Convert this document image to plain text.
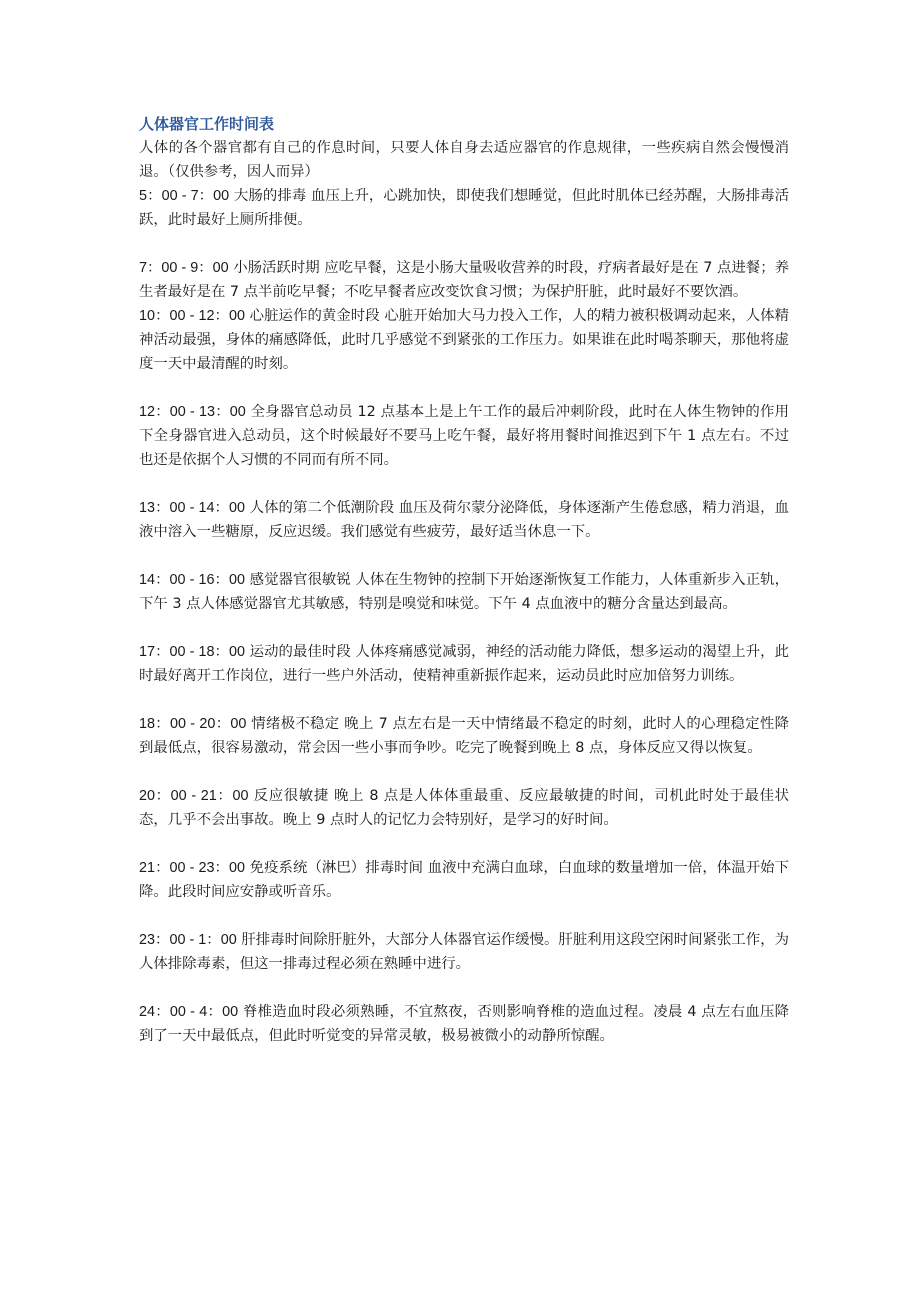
人体器官工作时间表

人体的各个器官都有自己的作息时间，只要人体自身去适应器官的作息规律，一些疾病自然会慢慢消退。（仅供参考，因人而异）

5：00 - 7：00 大肠的排毒 血压上升，心跳加快，即使我们想睡觉，但此时肌体已经苏醒，大肠排毒活跃，此时最好上厕所排便。

7：00 - 9：00 小肠活跃时期 应吃早餐，这是小肠大量吸收营养的时段，疗病者最好是在 7 点进餐；养生者最好是在 7 点半前吃早餐；不吃早餐者应改变饮食习惯；为保护肝脏，此时最好不要饮酒。

10：00 - 12：00 心脏运作的黄金时段 心脏开始加大马力投入工作，人的精力被积极调动起来，人体精神活动最强，身体的痛感降低，此时几乎感觉不到紧张的工作压力。如果谁在此时喝茶聊天，那他将虚度一天中最清醒的时刻。

12：00 - 13：00 全身器官总动员 12 点基本上是上午工作的最后冲刺阶段，此时在人体生物钟的作用下全身器官进入总动员，这个时候最好不要马上吃午餐，最好将用餐时间推迟到下午 1 点左右。不过也还是依据个人习惯的不同而有所不同。

13：00 - 14：00 人体的第二个低潮阶段 血压及荷尔蒙分泌降低，身体逐渐产生倦怠感，精力消退，血液中溶入一些糖原，反应迟缓。我们感觉有些疲劳，最好适当休息一下。

14：00 - 16：00 感觉器官很敏锐 人体在生物钟的控制下开始逐渐恢复工作能力，人体重新步入正轨，下午 3 点人体感觉器官尤其敏感，特别是嗅觉和味觉。下午 4 点血液中的糖分含量达到最高。

17：00 - 18：00 运动的最佳时段 人体疼痛感觉减弱，神经的活动能力降低，想多运动的渴望上升，此时最好离开工作岗位，进行一些户外活动，使精神重新振作起来，运动员此时应加倍努力训练。

18：00 - 20：00 情绪极不稳定 晚上 7 点左右是一天中情绪最不稳定的时刻，此时人的心理稳定性降到最低点，很容易激动，常会因一些小事而争吵。吃完了晚餐到晚上 8 点，身体反应又得以恢复。

20：00 - 21：00 反应很敏捷 晚上 8 点是人体体重最重、反应最敏捷的时间，司机此时处于最佳状态，几乎不会出事故。晚上 9 点时人的记忆力会特别好，是学习的好时间。

21：00 - 23：00 免疫系统（淋巴）排毒时间 血液中充满白血球，白血球的数量增加一倍，体温开始下降。此段时间应安静或听音乐。

23：00 - 1：00 肝排毒时间除肝脏外，大部分人体器官运作缓慢。肝脏利用这段空闲时间紧张工作，为人体排除毒素，但这一排毒过程必须在熟睡中进行。

24：00 - 4：00 脊椎造血时段必须熟睡，不宜熬夜，否则影响脊椎的造血过程。凌晨 4 点左右血压降到了一天中最低点，但此时听觉变的异常灵敏，极易被微小的动静所惊醒。
